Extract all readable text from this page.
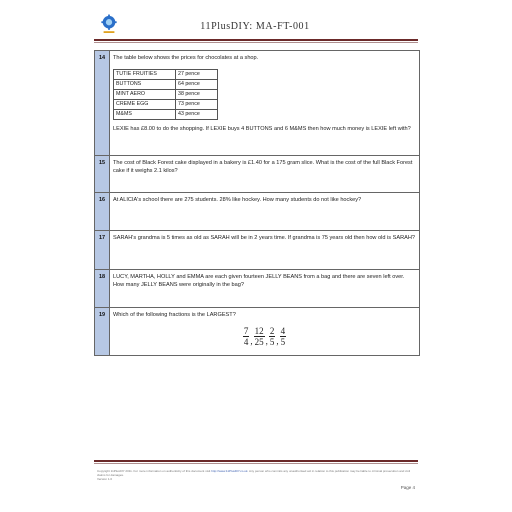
11PlusDIY: MA-FT-001
14	The table below shows the prices for chocolates at a shop.
TUTIE FRUITIES	27 pence
BUTTONS	64 pence
MINT AERO	38 pence
CREME EGG	73 pence
M&MS	43 pence
LEXIE has £8.00 to do the shopping. If LEXIE buys 4 BUTTONS and 6 M&MS then how much money is LEXIE left with?
15	The cost of Black Forest cake displayed in a bakery is £1.40 for a 175 gram slice. What is the cost of the full Black Forest cake if it weighs 2.1 kilos?
16	At ALICIA's school there are 275 students. 28% like hockey. How many students do not like hockey?
17	SARAH's grandma is 5 times as old as SARAH will be in 2 years time. If grandma is 75 years old then how old is SARAH?
18	LUCY, MARTHA, HOLLY and EMMA are each given fourteen JELLY BEANS from a bag and there are seven left over. How many JELLY BEANS were originally in the bag?
19	Which of the following fractions is the LARGEST?
$\frac{7}{4}$ , $\frac{12}{25}$ , $\frac{2}{5}$ , $\frac{4}{5}$
Copyright 11PlusDIY 2011. For more information on authenticity of this document visit http://www.11PlusDIY.co.uk. Any person who commits any unauthorised act in relation to this publication may be liable to criminal prosecution and civil claims for damages.
Version 1.0
Page 4
